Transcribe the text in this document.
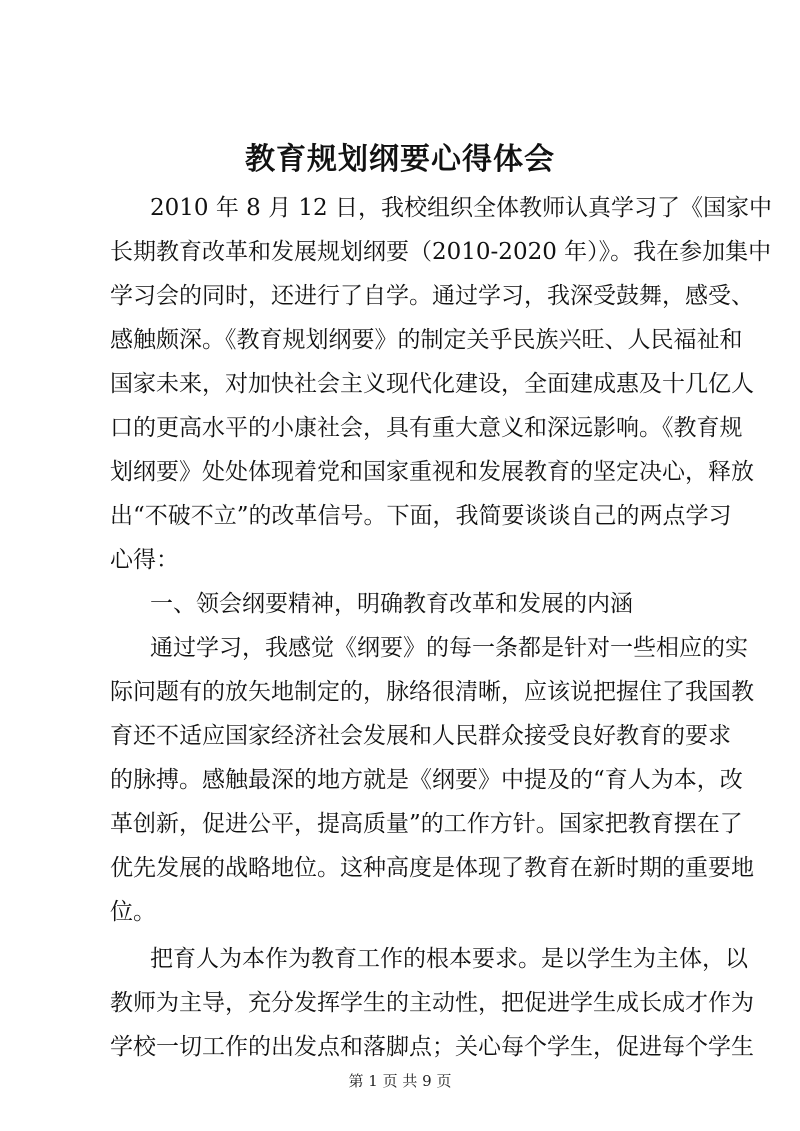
教育规划纲要心得体会
2010 年 8 月 12 日，我校组织全体教师认真学习了《国家中
长期教育改革和发展规划纲要（2010-2020 年）》。我在参加集中
学习会的同时，还进行了自学。通过学习，我深受鼓舞，感受、
感触颇深。《教育规划纲要》的制定关乎民族兴旺、人民福祉和
国家未来，对加快社会主义现代化建设，全面建成惠及十几亿人
口的更高水平的小康社会，具有重大意义和深远影响。《教育规
划纲要》处处体现着党和国家重视和发展教育的坚定决心，释放
出“不破不立”的改革信号。下面，我简要谈谈自己的两点学习
心得：
一、领会纲要精神，明确教育改革和发展的内涵
通过学习，我感觉《纲要》的每一条都是针对一些相应的实
际问题有的放矢地制定的，脉络很清晰，应该说把握住了我国教
育还不适应国家经济社会发展和人民群众接受良好教育的要求
的脉搏。感触最深的地方就是《纲要》中提及的“育人为本，改
革创新，促进公平，提高质量”的工作方针。国家把教育摆在了
优先发展的战略地位。这种高度是体现了教育在新时期的重要地
位。
把育人为本作为教育工作的根本要求。是以学生为主体，以
教师为主导，充分发挥学生的主动性，把促进学生成长成才作为
学校一切工作的出发点和落脚点；关心每个学生，促进每个学生
第 1 页 共 9 页
